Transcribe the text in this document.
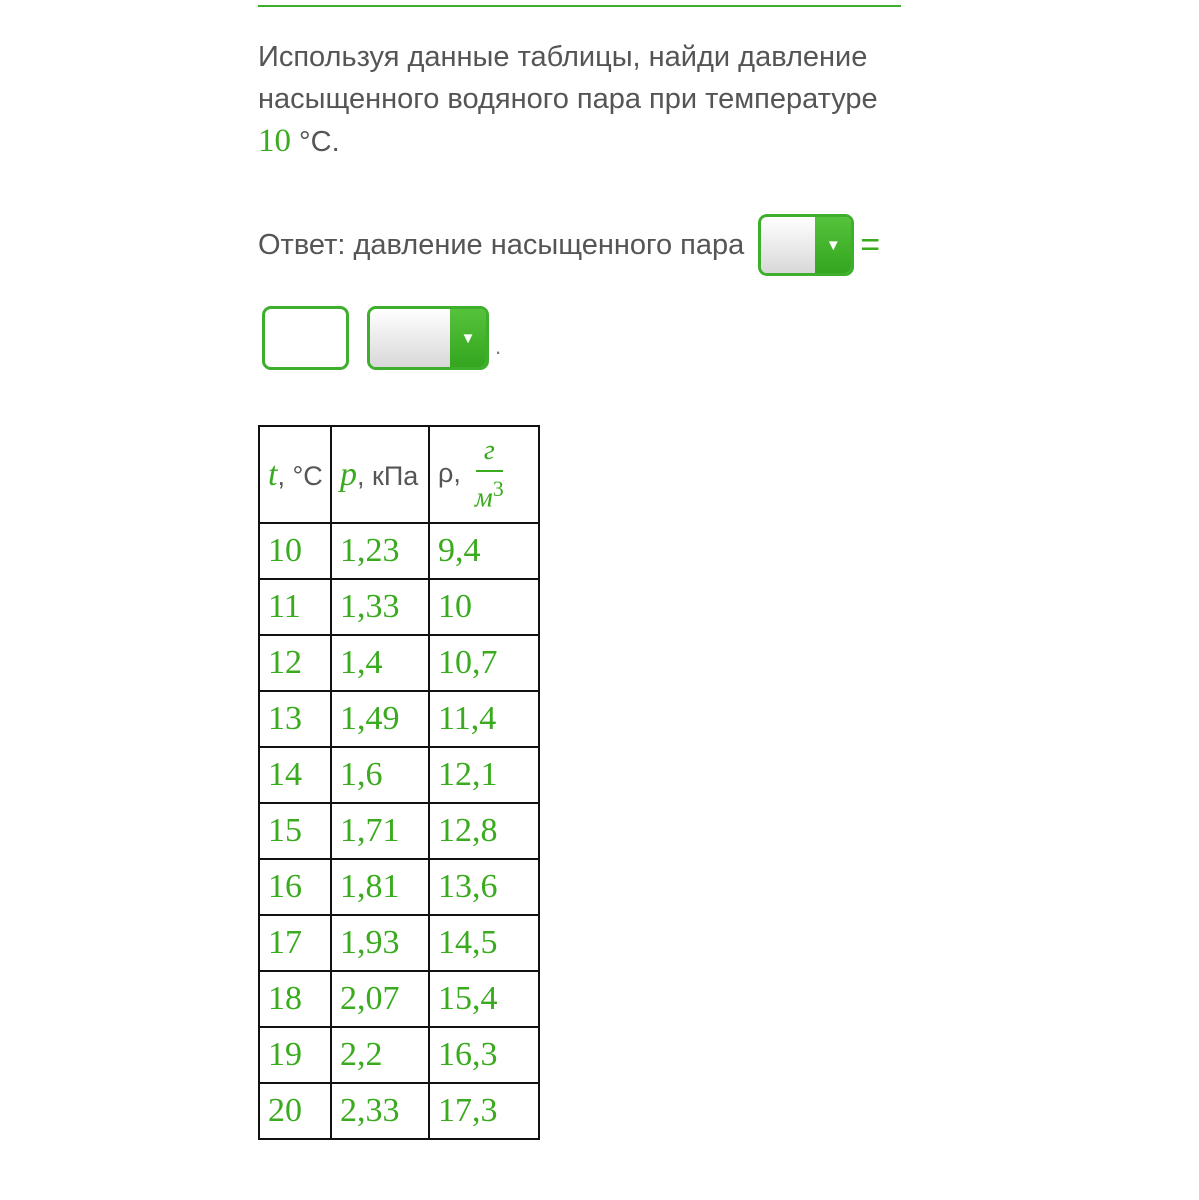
Используя данные таблицы, найди давление
насыщенного водяного пара при температуре
10 °С.
Ответ: давление насыщенного пара	▼ =
▼ .
t, °С	p, кПа	ρ, $\frac{г}{м^3}$

10	1,23	9,4
11	1,33	10
12	1,4	10,7
13	1,49	11,4
14	1,6	12,1
15	1,71	12,8
16	1,81	13,6
17	1,93	14,5
18	2,07	15,4
19	2,2	16,3
20	2,33	17,3
